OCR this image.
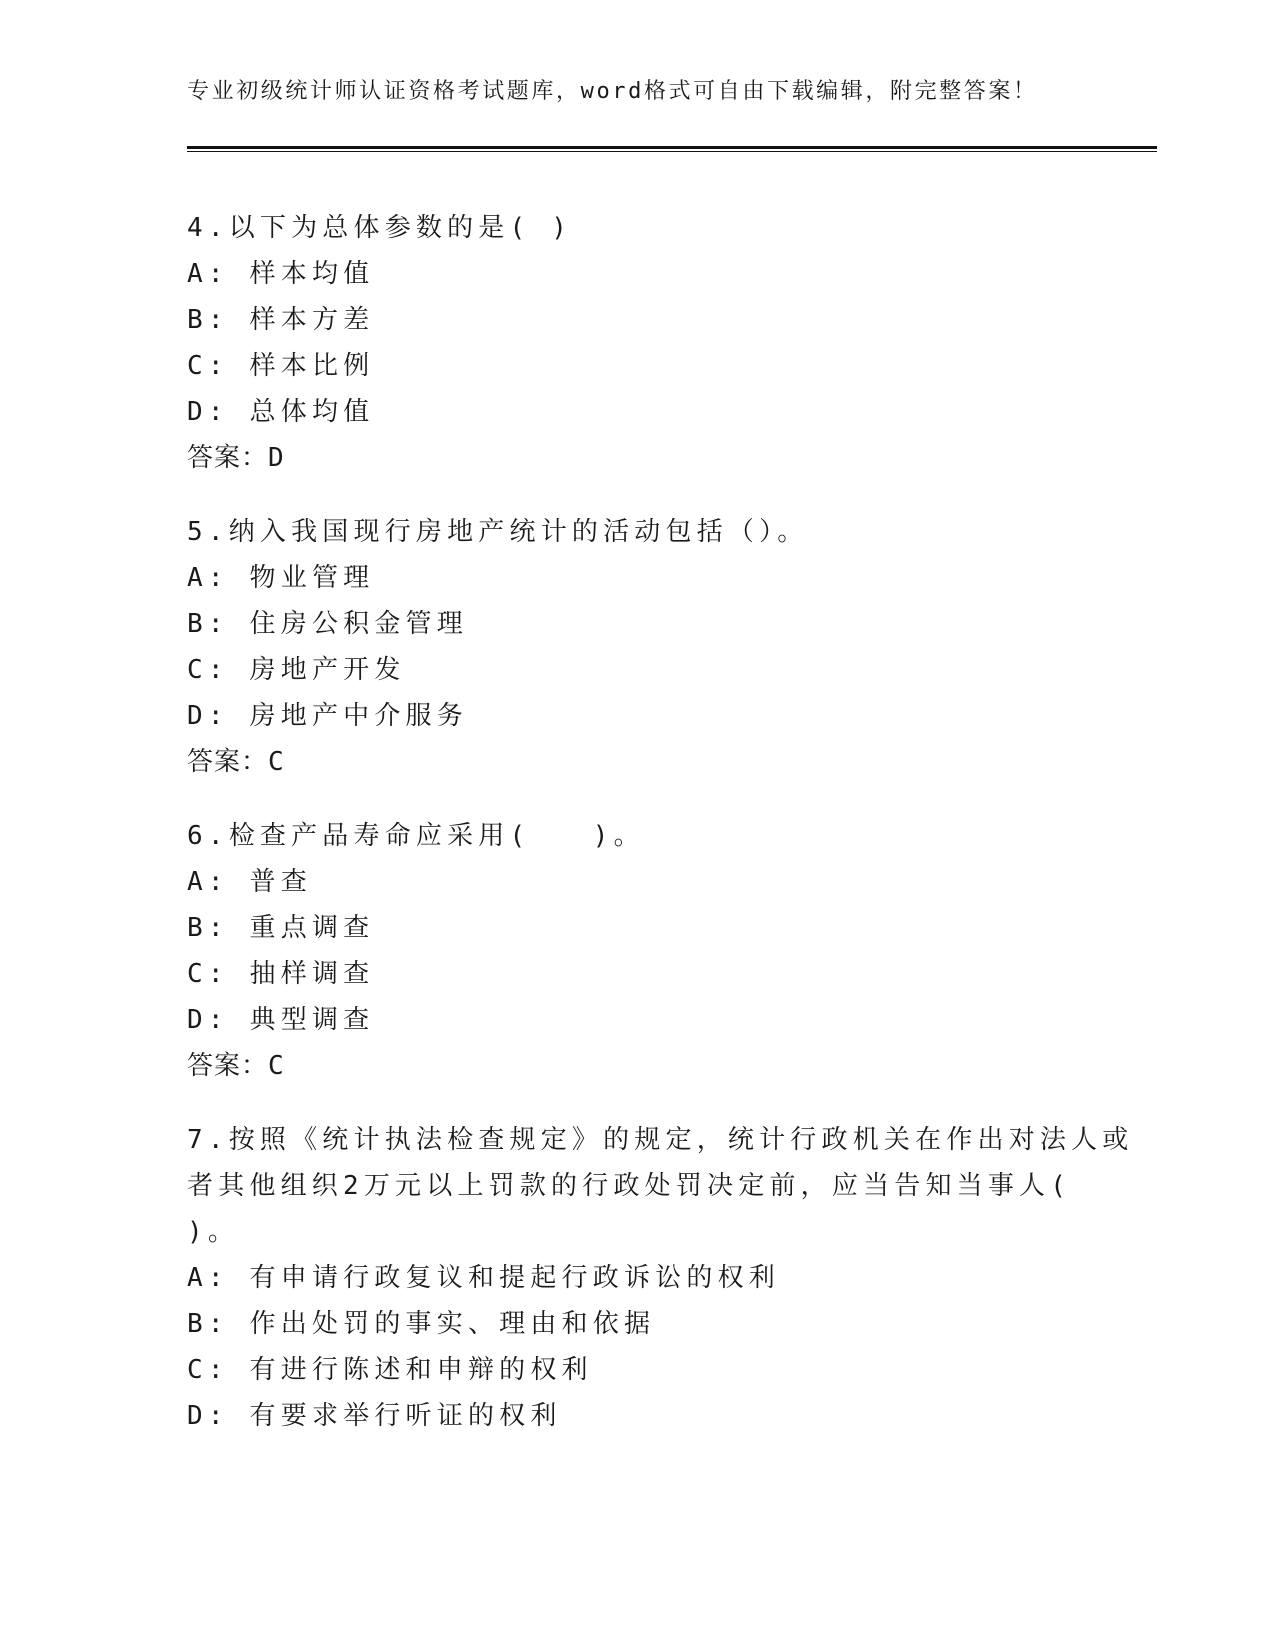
专业初级统计师认证资格考试题库，word格式可自由下载编辑，附完整答案！
4.以下为总体参数的是( )
A: 样本均值
B: 样本方差
C: 样本比例
D: 总体均值
答案：D
5.纳入我国现行房地产统计的活动包括（）。
A: 物业管理
B: 住房公积金管理
C: 房地产开发
D: 房地产中介服务
答案：C
6.检查产品寿命应采用(　　)。
A: 普查
B: 重点调查
C: 抽样调查
D: 典型调查
答案：C
7.按照《统计执法检查规定》的规定，统计行政机关在作出对法人或
者其他组织2万元以上罚款的行政处罚决定前，应当告知当事人(
)。
A: 有申请行政复议和提起行政诉讼的权利
B: 作出处罚的事实、理由和依据
C: 有进行陈述和申辩的权利
D: 有要求举行听证的权利
